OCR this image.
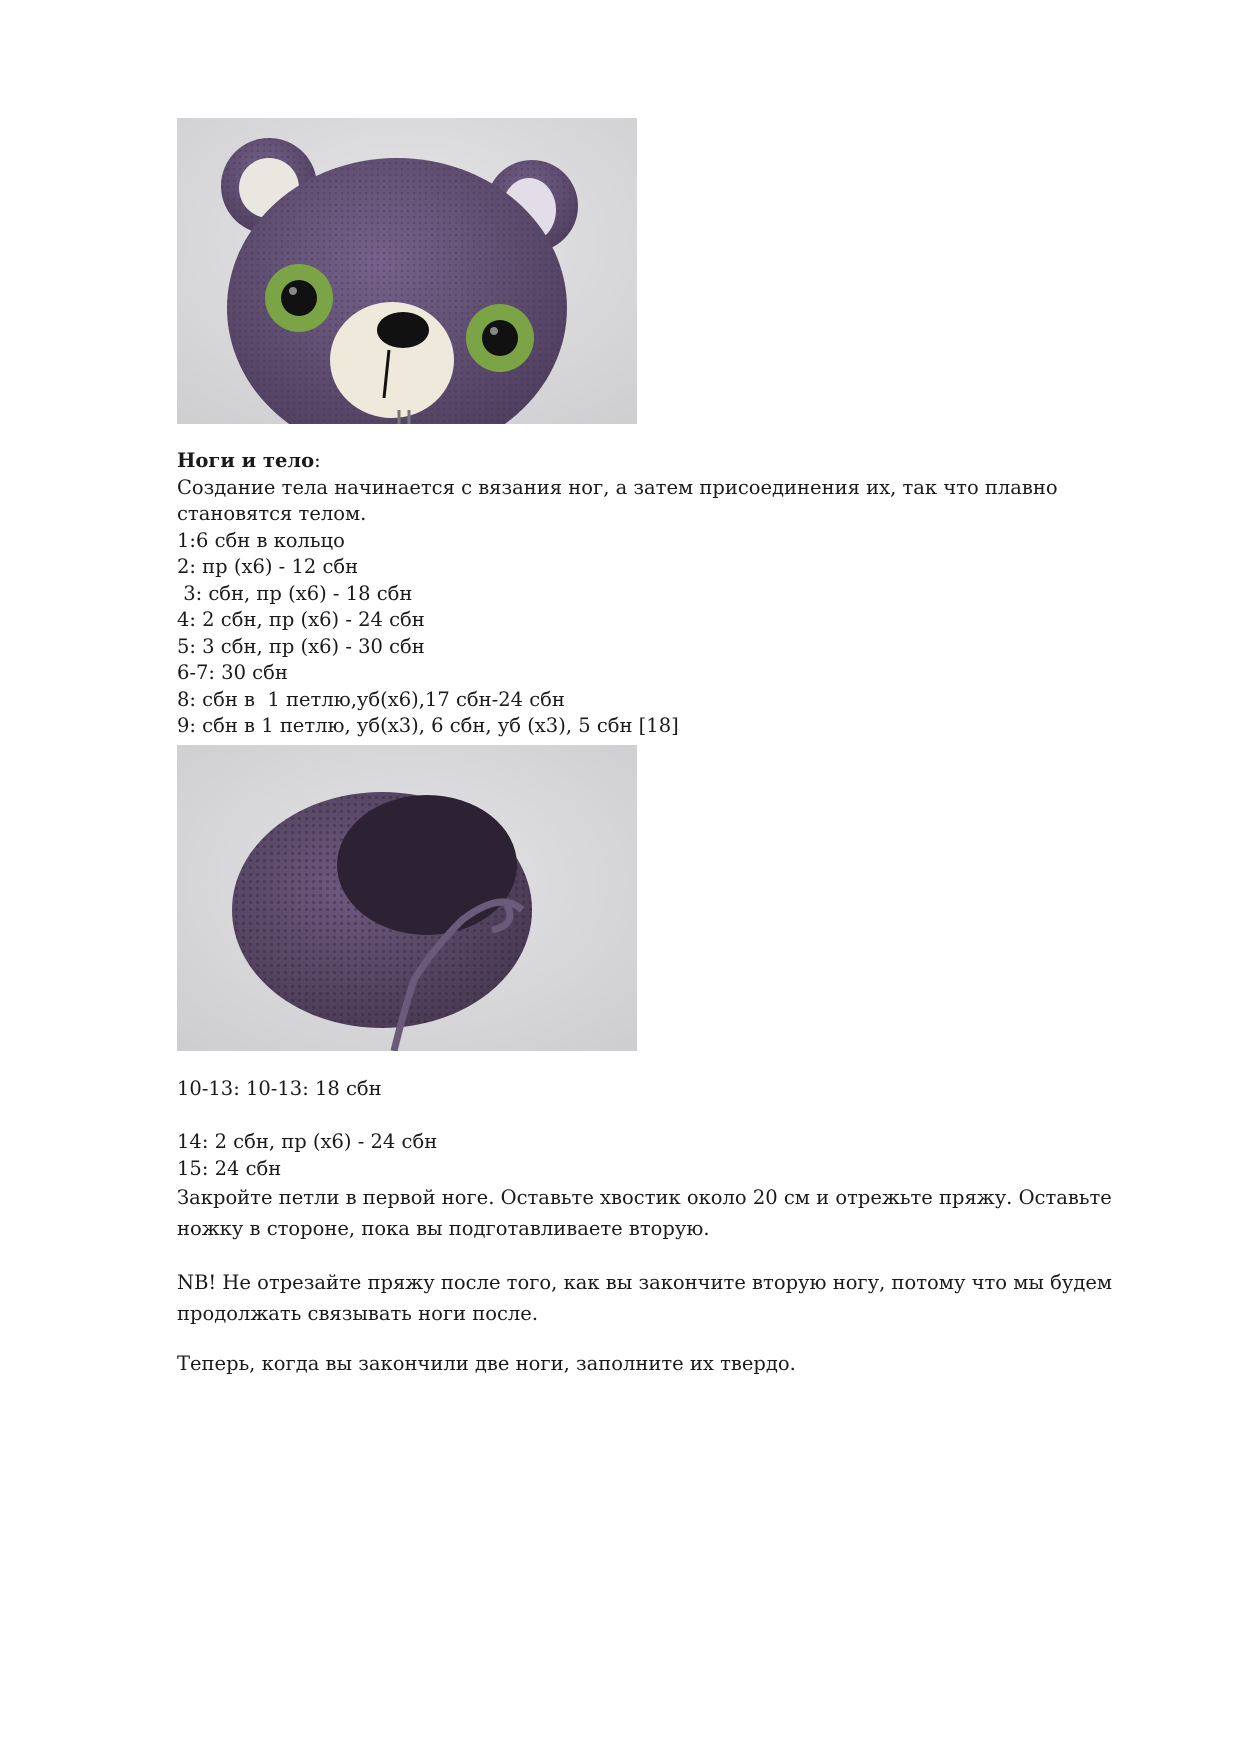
Ноги и тело:

Создание тела начинается с вязания ног, а затем присоединения их, так что плавно

становятся телом.

1:6 сбн в кольцо

2: пр (х6) - 12 сбн

3: сбн, пр (х6) - 18 сбн

4: 2 сбн, пр (х6) - 24 сбн

5: 3 сбн, пр (х6) - 30 сбн

6-7: 30 сбн

8: сбн в  1 петлю,уб(х6),17 сбн-24 сбн

9: сбн в 1 петлю, уб(х3), 6 сбн, уб (х3), 5 сбн [18]

10-13: 10-13: 18 сбн

14: 2 сбн, пр (х6) - 24 сбн

15: 24 сбн

Закройте петли в первой ноге. Оставьте хвостик около 20 см и отрежьте пряжу. Оставьте

ножку в стороне, пока вы подготавливаете вторую.

NB! Не отрезайте пряжу после того, как вы закончите вторую ногу, потому что мы будем

продолжать связывать ноги после.

Теперь, когда вы закончили две ноги, заполните их твердо.
